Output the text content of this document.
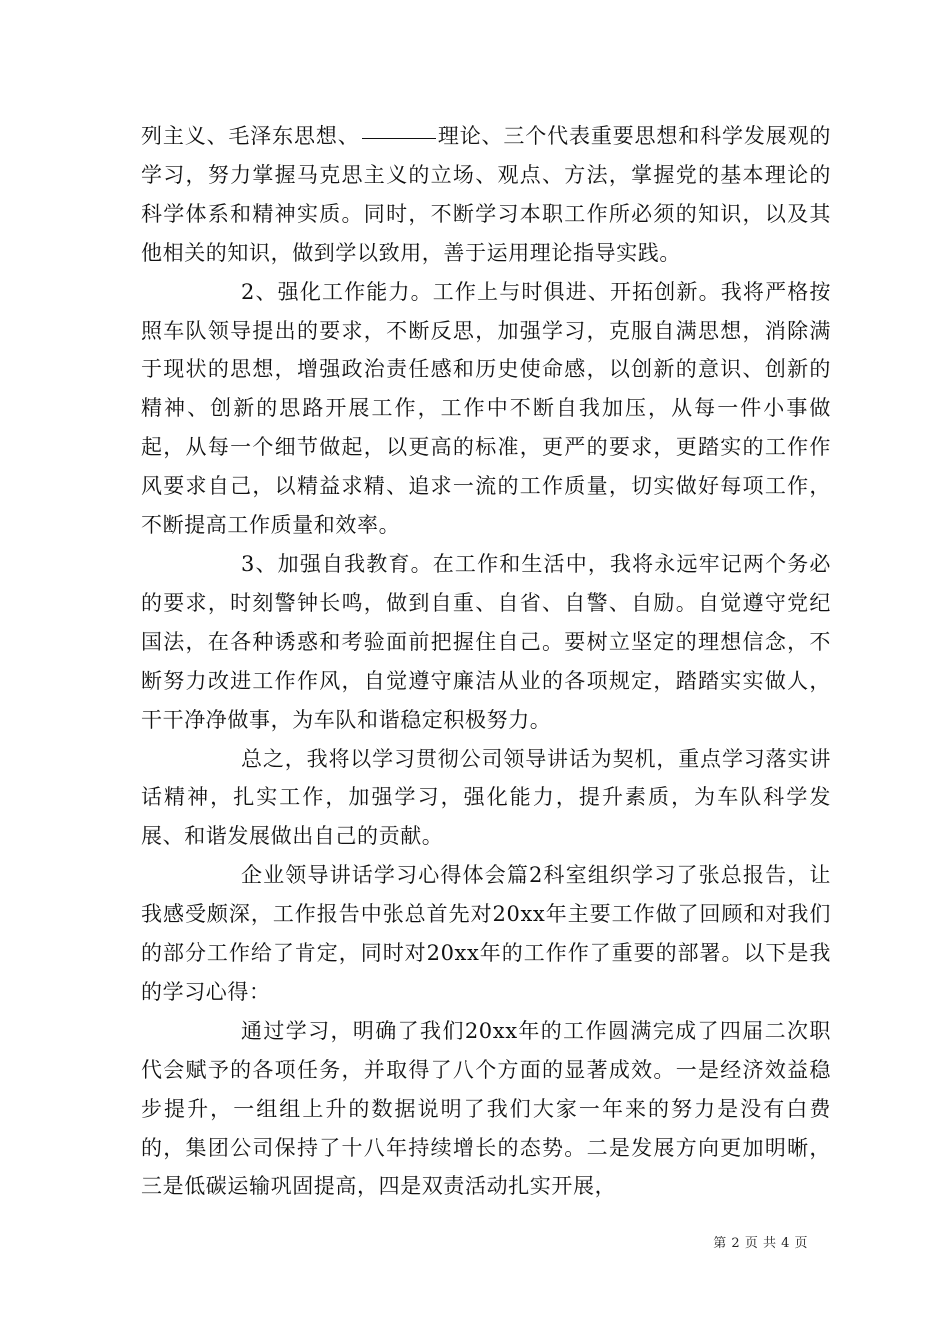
列主义、毛泽东思想、	理论、三个代表重要思想和科学发展观的学习，努力掌握马克思主义的立场、观点、方法，掌握党的基本理论的科学体系和精神实质。同时，不断学习本职工作所必须的知识，以及其他相关的知识，做到学以致用，善于运用理论指导实践。

2、强化工作能力。工作上与时俱进、开拓创新。我将严格按照车队领导提出的要求，不断反思，加强学习，克服自满思想，消除满于现状的思想，增强政治责任感和历史使命感，以创新的意识、创新的精神、创新的思路开展工作，工作中不断自我加压，从每一件小事做起，从每一个细节做起，以更高的标准，更严的要求，更踏实的工作作风要求自己，以精益求精、追求一流的工作质量，切实做好每项工作，不断提高工作质量和效率。

3、加强自我教育。在工作和生活中，我将永远牢记两个务必的要求，时刻警钟长鸣，做到自重、自省、自警、自励。自觉遵守党纪国法，在各种诱惑和考验面前把握住自己。要树立坚定的理想信念，不断努力改进工作作风，自觉遵守廉洁从业的各项规定，踏踏实实做人，干干净净做事，为车队和谐稳定积极努力。

总之，我将以学习贯彻公司领导讲话为契机，重点学习落实讲话精神，扎实工作，加强学习，强化能力，提升素质，为车队科学发展、和谐发展做出自己的贡献。

企业领导讲话学习心得体会篇2科室组织学习了张总报告，让我感受颇深，工作报告中张总首先对20xx年主要工作做了回顾和对我们的部分工作给了肯定，同时对20xx年的工作作了重要的部署。以下是我的学习心得：

通过学习，明确了我们20xx年的工作圆满完成了四届二次职代会赋予的各项任务，并取得了八个方面的显著成效。一是经济效益稳步提升，一组组上升的数据说明了我们大家一年来的努力是没有白费的，集团公司保持了十八年持续增长的态势。二是发展方向更加明晰，三是低碳运输巩固提高，四是双责活动扎实开展，

第 2 页 共 4 页
